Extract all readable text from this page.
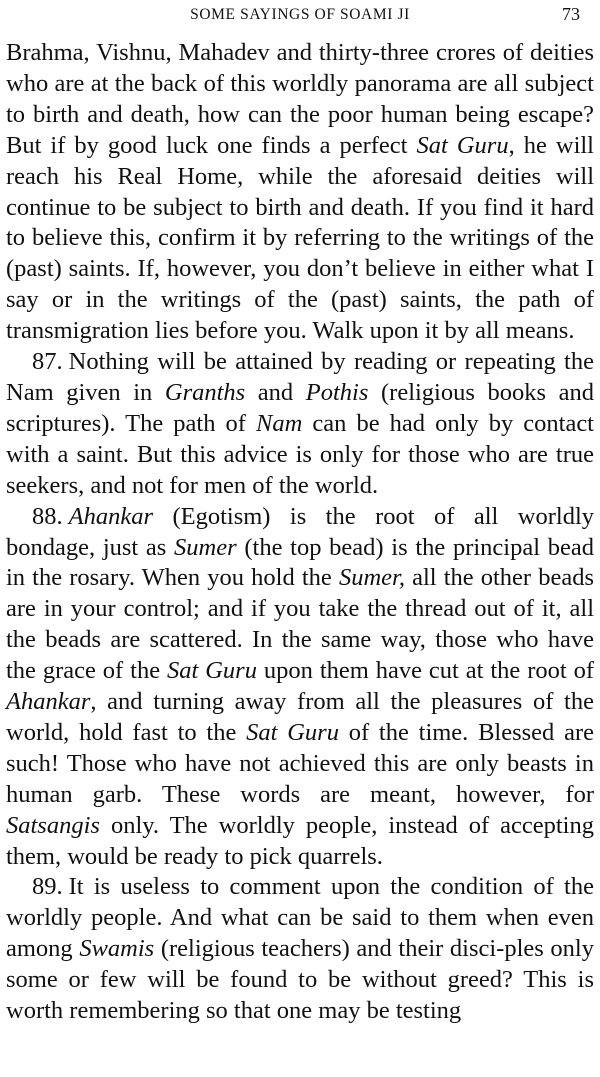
SOME SAYINGS OF SOAMI JI	73

Brahma, Vishnu, Mahadev and thirty-three crores of deities who are at the back of this worldly panorama are all subject to birth and death, how can the poor human being escape? But if by good luck one finds a perfect Sat Guru, he will reach his Real Home, while the aforesaid deities will continue to be subject to birth and death. If you find it hard to believe this, confirm it by referring to the writings of the (past) saints. If, however, you don’t believe in either what I say or in the writings of the (past) saints, the path of transmigration lies before you. Walk upon it by all means.

87. Nothing will be attained by reading or repeating the Nam given in Granths and Pothis (religious books and scriptures). The path of Nam can be had only by contact with a saint. But this advice is only for those who are true seekers, and not for men of the world.

88. Ahankar (Egotism) is the root of all worldly bondage, just as Sumer (the top bead) is the principal bead in the rosary. When you hold the Sumer, all the other beads are in your control; and if you take the thread out of it, all the beads are scattered. In the same way, those who have the grace of the Sat Guru upon them have cut at the root of Ahankar, and turning away from all the pleasures of the world, hold fast to the Sat Guru of the time. Blessed are such! Those who have not achieved this are only beasts in human garb. These words are meant, however, for Satsangis only. The worldly people, instead of accepting them, would be ready to pick quarrels.

89. It is useless to comment upon the condition of the worldly people. And what can be said to them when even among Swamis (religious teachers) and their disci-ples only some or few will be found to be without greed? This is worth remembering so that one may be testing
